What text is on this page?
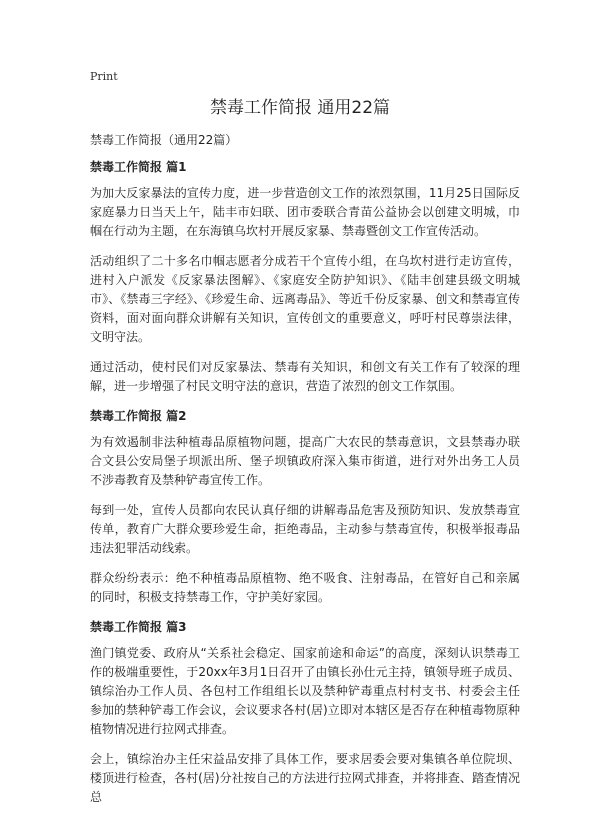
Print
禁毒工作简报 通用22篇

禁毒工作简报（通用22篇）

禁毒工作简报 篇1

为加大反家暴法的宣传力度，进一步营造创文工作的浓烈氛围，11月25日国际反家庭暴力日当天上午，陆丰市妇联、团市委联合青苗公益协会以创建文明城，巾帼在行动为主题，在东海镇乌坎村开展反家暴、禁毒暨创文工作宣传活动。

活动组织了二十多名巾帼志愿者分成若干个宣传小组，在乌坎村进行走访宣传，进村入户派发《反家暴法图解》、《家庭安全防护知识》、《陆丰创建县级文明城市》、《禁毒三字经》、《珍爱生命、远离毒品》、等近千份反家暴、创文和禁毒宣传资料，面对面向群众讲解有关知识，宣传创文的重要意义，呼吁村民尊崇法律，文明守法。

通过活动，使村民们对反家暴法、禁毒有关知识，和创文有关工作有了较深的理解，进一步增强了村民文明守法的意识，营造了浓烈的创文工作氛围。

禁毒工作简报 篇2

为有效遏制非法种植毒品原植物问题，提高广大农民的禁毒意识，文县禁毒办联合文县公安局堡子坝派出所、堡子坝镇政府深入集市街道，进行对外出务工人员不涉毒教育及禁种铲毒宣传工作。

每到一处，宣传人员都向农民认真仔细的讲解毒品危害及预防知识、发放禁毒宣传单，教育广大群众要珍爱生命，拒绝毒品，主动参与禁毒宣传，积极举报毒品违法犯罪活动线索。

群众纷纷表示：绝不种植毒品原植物、绝不吸食、注射毒品，在管好自己和亲属的同时，积极支持禁毒工作，守护美好家园。

禁毒工作简报 篇3

渔门镇党委、政府从“关系社会稳定、国家前途和命运”的高度，深刻认识禁毒工作的极端重要性，于20xx年3月1日召开了由镇长孙仕元主持，镇领导班子成员、镇综治办工作人员、各包村工作组组长以及禁种铲毒重点村村支书、村委会主任参加的禁种铲毒工作会议，会议要求各村(居)立即对本辖区是否存在种植毒物原种植物情况进行拉网式排查。

会上，镇综治办主任宋益品安排了具体工作，要求居委会要对集镇各单位院坝、楼顶进行检查，各村(居)分社按自己的方法进行拉网式排查，并将排查、踏查情况总
